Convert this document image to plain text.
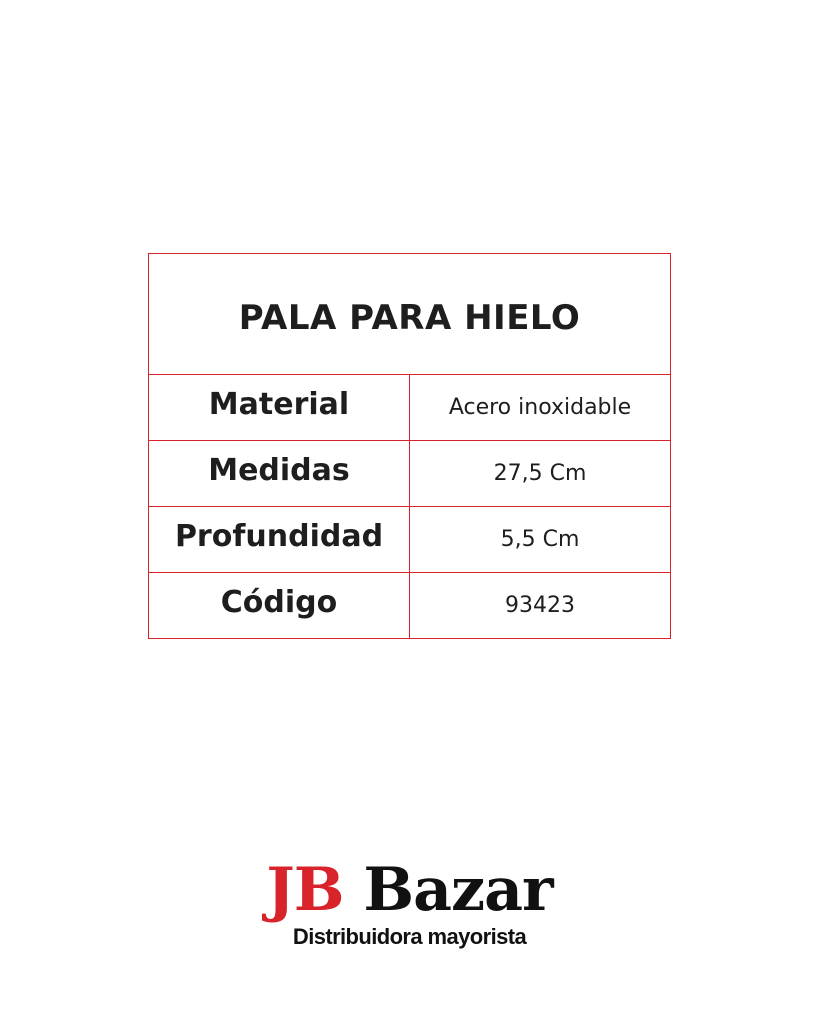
PALA PARA HIELO	
Material	Acero inoxidable
Medidas	27,5 Cm
Profundidad	5,5 Cm
Código	93423
JB Bazar
Distribuidora mayorista
